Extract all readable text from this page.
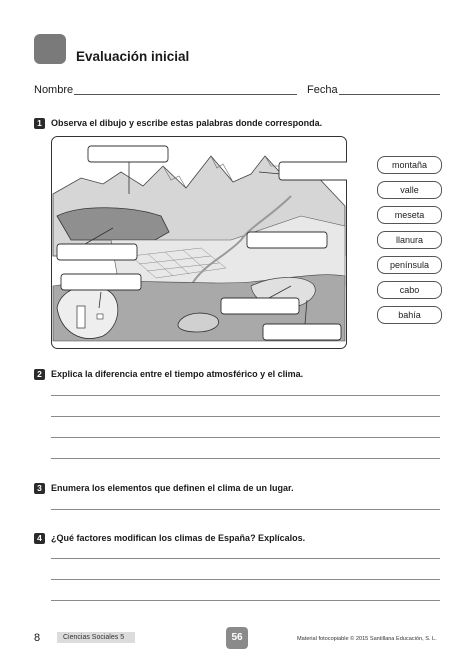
Evaluación inicial
Nombre	Fecha
1	Observa el dibujo y escribe estas palabras donde corresponda.
montaña
valle
meseta
llanura
península
cabo
bahía
2	Explica la diferencia entre el tiempo atmosférico y el clima.
3	Enumera los elementos que definen el clima de un lugar.
4	¿Qué factores modifican los climas de España? Explícalos.
8	Ciencias Sociales 5	56	Material fotocopiable © 2015 Santillana Educación, S. L.
